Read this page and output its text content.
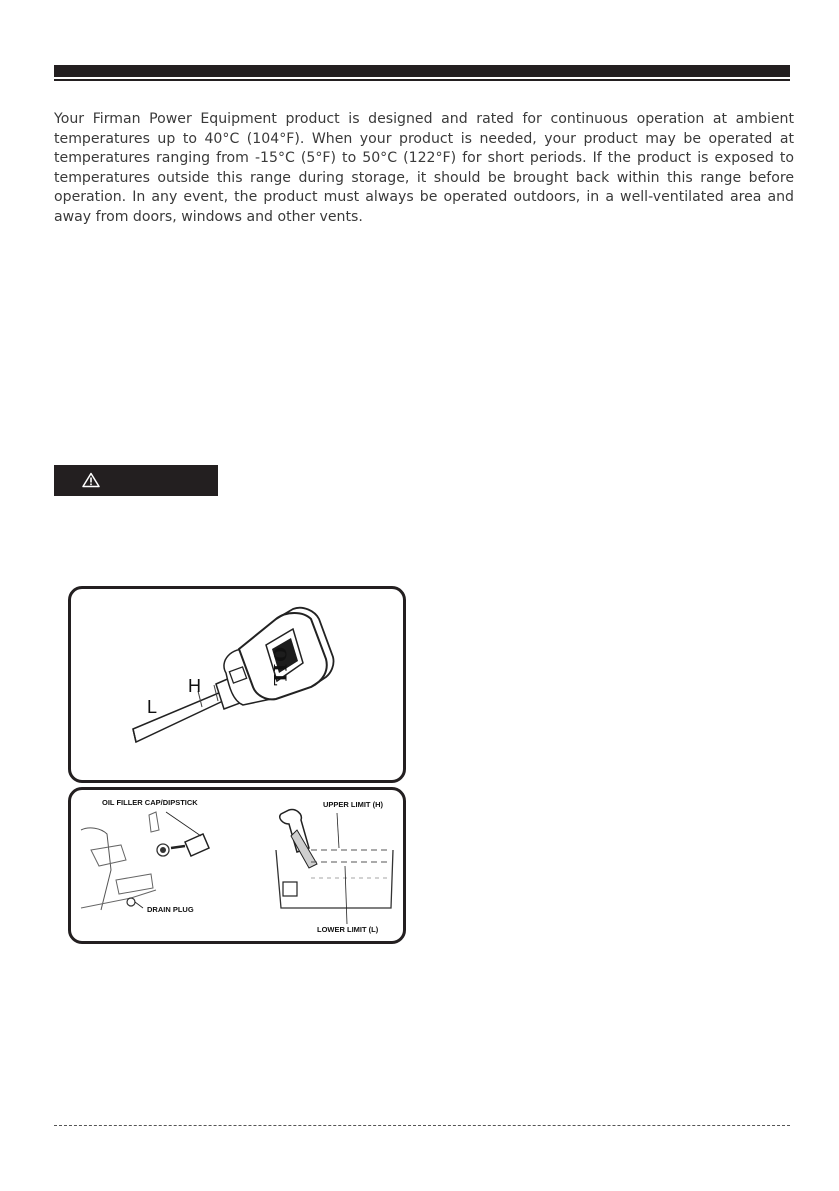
Your Firman Power Equipment product is designed and rated for continuous operation at ambient temperatures up to 40°C (104°F). When your product is needed, your product may be operated at temperatures ranging from -15°C (5°F) to 50°C (122°F) for short periods. If the product is exposed to temperatures outside this range during storage, it should be brought back within this range before operation. In any event, the product must always be operated outdoors, in a well-ventilated area and away from doors, windows and other vents.

OIL
L
H
OIL FILLER CAP/DIPSTICK
DRAIN PLUG
UPPER LIMIT (H)
LOWER LIMIT (L)
